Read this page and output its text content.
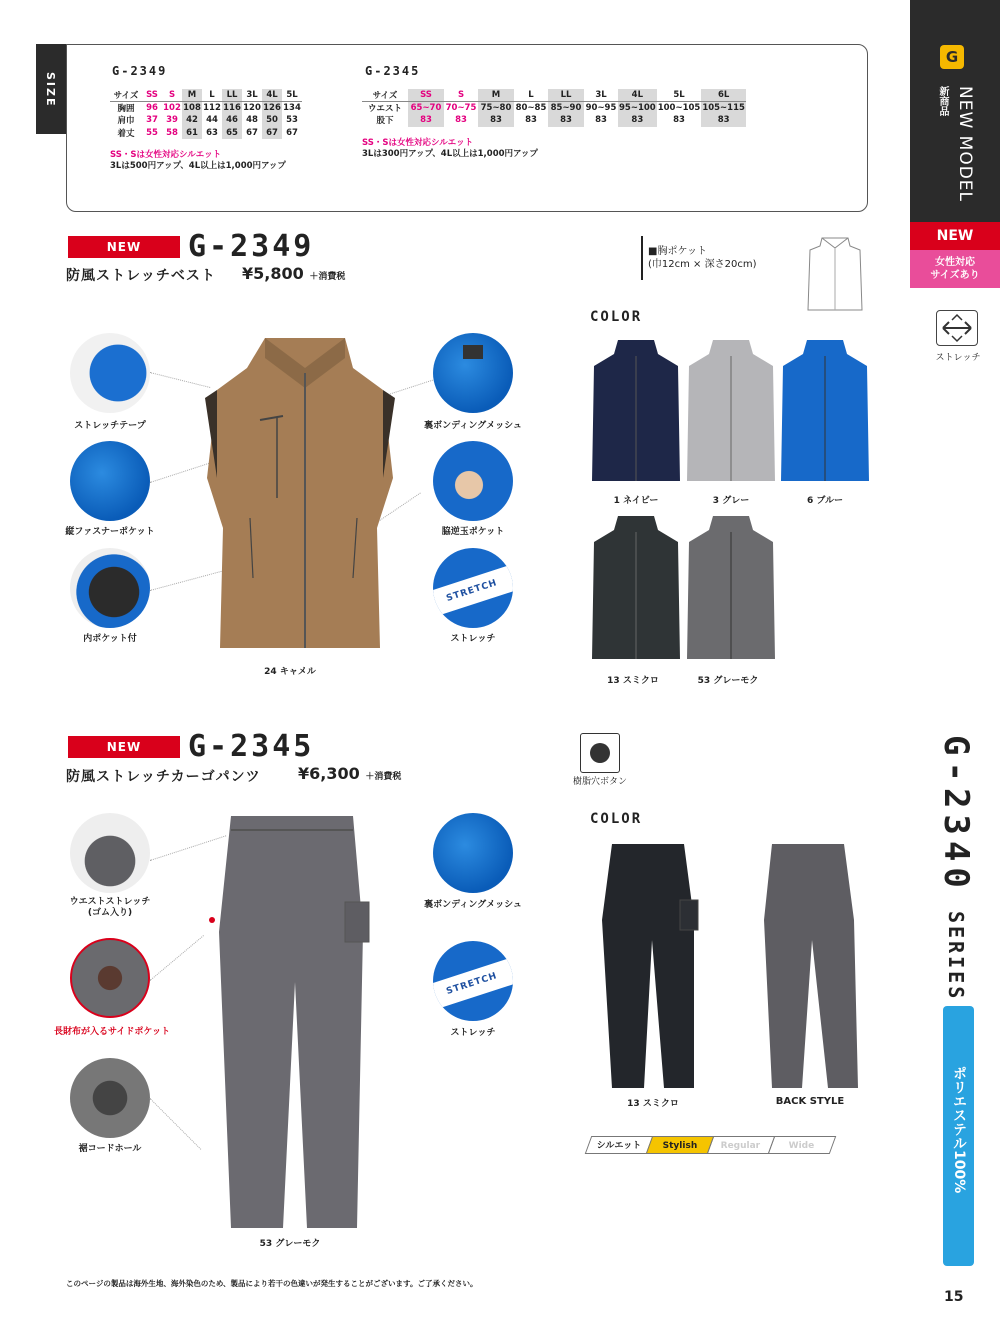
SIZE
G-2349
サイズ	SS	S	M	L	LL	3L	4L	5L
胸囲	96	102	108	112	116	120	126	134
肩巾	37	39	42	44	46	48	50	53
着丈	55	58	61	63	65	67	67	67
SS・Sは女性対応シルエット
3Lは500円アップ、4L以上は1,000円アップ
G-2345
サイズ	SS	S	M	L	LL	3L	4L	5L	6L
ウエスト	65~70	70~75	75~80	80~85	85~90	90~95	95~100	100~105	105~115
股下	83	83	83	83	83	83	83	83	83
SS・Sは女性対応シルエット
3Lは300円アップ、4L以上は1,000円アップ
NEW	G-2349
防風ストレッチベスト ¥5,800 ＋消費税
■胸ポケット
(巾12cm × 深さ20cm)
ストレッチテープ
縦ファスナーポケット
内ポケット付
裏ボンディングメッシュ
脇逆玉ポケット
STRETCH
ストレッチ
24 キャメル
COLOR
1 ネイビー	3 グレー	6 ブルー
13 スミクロ	53 グレーモク
NEW	G-2345
防風ストレッチカーゴパンツ ¥6,300 ＋消費税	樹脂穴ボタン
ウエストストレッチ
(ゴム入り)
長財布が入るサイドポケット
裾コードホール
裏ボンディングメッシュ
STRETCH
ストレッチ
53 グレーモク
COLOR
13 スミクロ	BACK STYLE
シルエット	Stylish	Regular	Wide
G
NEW MODEL
新商品
NEW
女性対応
サイズあり
ストレッチ
G-2340 SERIES
ポリエステル100%
15
このページの製品は海外生地、海外染色のため、製品により若干の色違いが発生することがございます。ご了承ください。
